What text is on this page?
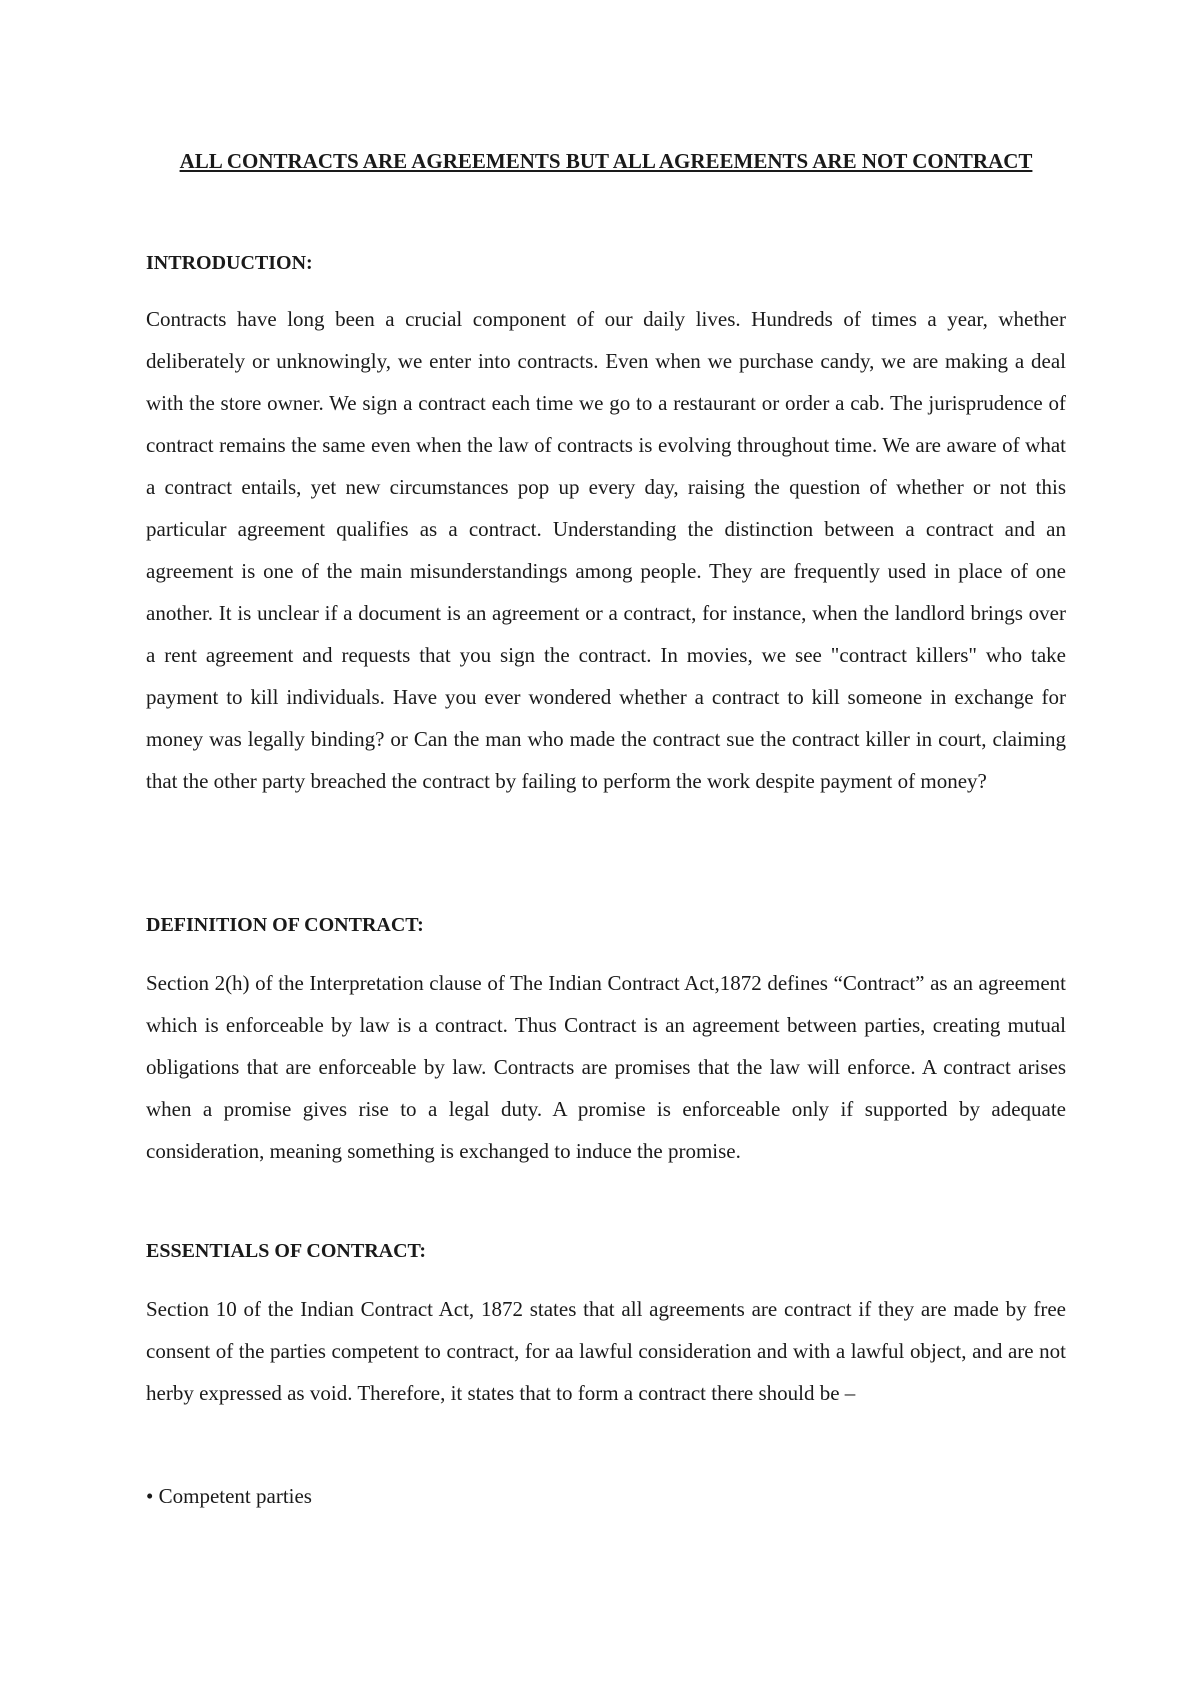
ALL CONTRACTS ARE AGREEMENTS BUT ALL AGREEMENTS ARE NOT CONTRACT

INTRODUCTION:

Contracts have long been a crucial component of our daily lives. Hundreds of times a year, whether deliberately or unknowingly, we enter into contracts. Even when we purchase candy, we are making a deal with the store owner. We sign a contract each time we go to a restaurant or order a cab. The jurisprudence of contract remains the same even when the law of contracts is evolving throughout time. We are aware of what a contract entails, yet new circumstances pop up every day, raising the question of whether or not this particular agreement qualifies as a contract. Understanding the distinction between a contract and an agreement is one of the main misunderstandings among people. They are frequently used in place of one another. It is unclear if a document is an agreement or a contract, for instance, when the landlord brings over a rent agreement and requests that you sign the contract. In movies, we see "contract killers" who take payment to kill individuals. Have you ever wondered whether a contract to kill someone in exchange for money was legally binding? or Can the man who made the contract sue the contract killer in court, claiming that the other party breached the contract by failing to perform the work despite payment of money?

DEFINITION OF CONTRACT:

Section 2(h) of the Interpretation clause of The Indian Contract Act,1872 defines “Contract” as an agreement which is enforceable by law is a contract. Thus Contract is an agreement between parties, creating mutual obligations that are enforceable by law. Contracts are promises that the law will enforce. A contract arises when a promise gives rise to a legal duty. A promise is enforceable only if supported by adequate consideration, meaning something is exchanged to induce the promise.

ESSENTIALS OF CONTRACT:

Section 10 of the Indian Contract Act, 1872 states that all agreements are contract if they are made by free consent of the parties competent to contract, for aa lawful consideration and with a lawful object, and are not herby expressed as void. Therefore, it states that to form a contract there should be –

• Competent parties
